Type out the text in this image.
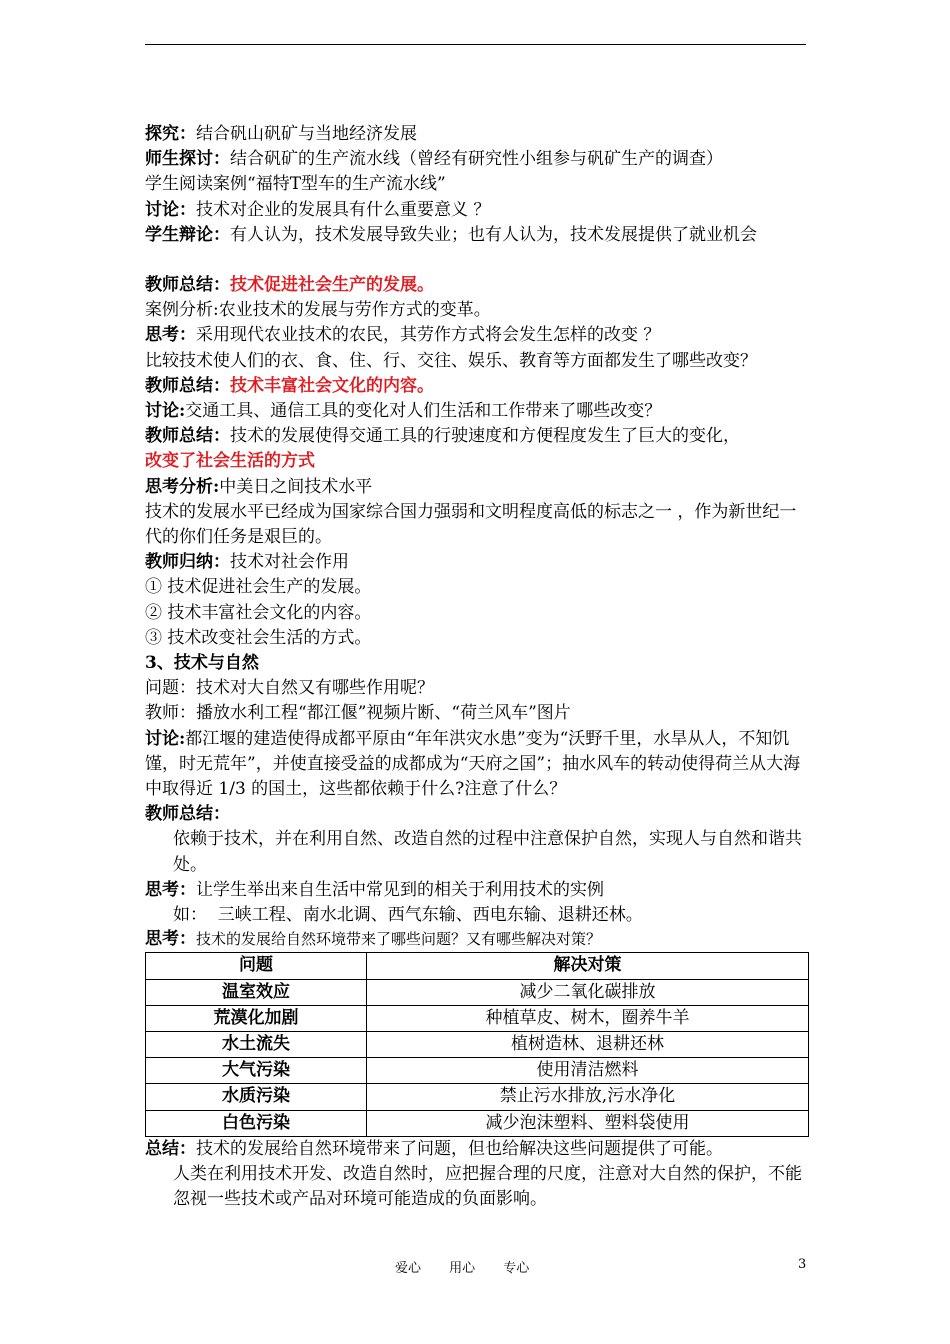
探究：结合矾山矾矿与当地经济发展
师生探讨：结合矾矿的生产流水线（曾经有研究性小组参与矾矿生产的调查）
学生阅读案例“福特T型车的生产流水线”
讨论：技术对企业的发展具有什么重要意义 ？
学生辩论：有人认为，技术发展导致失业；也有人认为，技术发展提供了就业机会
教师总结：技术促进社会生产的发展。
案例分析:农业技术的发展与劳作方式的变革。
思考：采用现代农业技术的农民，其劳作方式将会发生怎样的改变 ？
比较技术使人们的衣、食、住、行、交往、娱乐、教育等方面都发生了哪些改变？
教师总结：技术丰富社会文化的内容。
讨论:交通工具、通信工具的变化对人们生活和工作带来了哪些改变？
教师总结：技术的发展使得交通工具的行驶速度和方便程度发生了巨大的变化，
改变了社会生活的方式
思考分析:中美日之间技术水平
技术的发展水平已经成为国家综合国力强弱和文明程度高低的标志之一 ，作为新世纪一代的你们任务是艰巨的。
教师归纳：技术对社会作用
① 技术促进社会生产的发展。
② 技术丰富社会文化的内容。
③ 技术改变社会生活的方式。
3、技术与自然
问题：技术对大自然又有哪些作用呢？
教师：播放水利工程“都江偃”视频片断、“荷兰风车”图片
讨论:都江堰的建造使得成都平原由“年年洪灾水患”变为“沃野千里，水旱从人，不知饥馑，时无荒年”，并使直接受益的成都成为“天府之国”；抽水风车的转动使得荷兰从大海中取得近 1/3 的国土，这些都依赖于什么?注意了什么？
教师总结：
依赖于技术，并在利用自然、改造自然的过程中注意保护自然，实现人与自然和谐共处。
思考：让学生举出来自生活中常见到的相关于利用技术的实例
如：  三峡工程、南水北调、西气东输、西电东输、退耕还林。
思考：技术的发展给自然环境带来了哪些问题？又有哪些解决对策？
问题	解决对策
温室效应	减少二氧化碳排放
荒漠化加剧	种植草皮、树木，圈养牛羊
水土流失	植树造林、退耕还林
大气污染	使用清洁燃料
水质污染	禁止污水排放,污水净化
白色污染	减少泡沫塑料、塑料袋使用
总结：技术的发展给自然环境带来了问题，但也给解决这些问题提供了可能。
人类在利用技术开发、改造自然时，应把握合理的尺度，注意对大自然的保护，不能忽视一些技术或产品对环境可能造成的负面影响。
爱心 用心 专心	3
